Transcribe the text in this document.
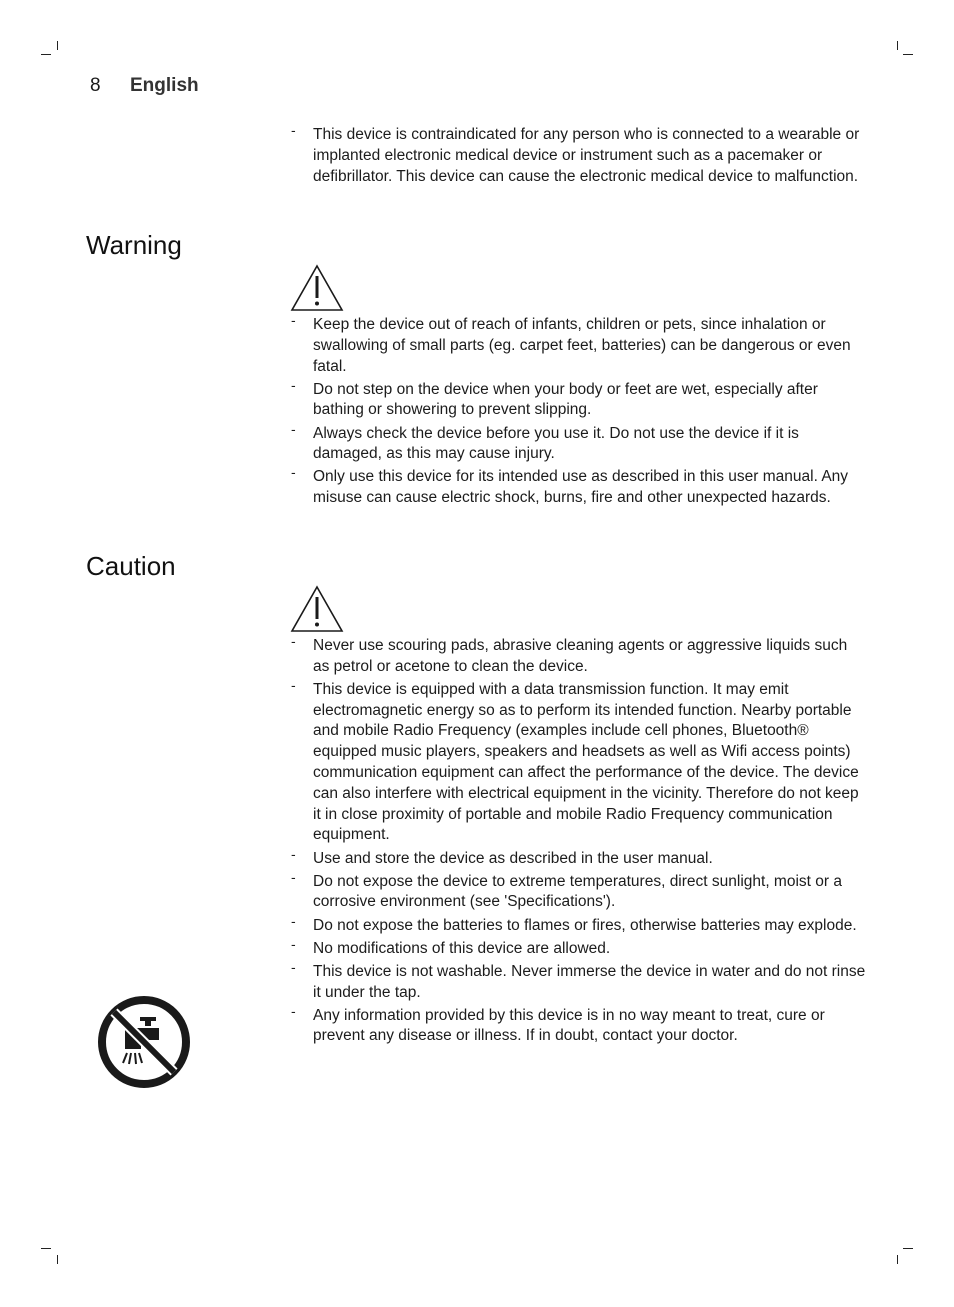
8 English
- This device is contraindicated for any person who is connected to a wearable or implanted electronic medical device or instrument such as a pacemaker or defibrillator. This device can cause the electronic medical device to malfunction.
Warning
- Keep the device out of reach of infants, children or pets, since inhalation or swallowing of small parts (eg. carpet feet, batteries) can be dangerous or even fatal.
- Do not step on the device when your body or feet are wet, especially after bathing or showering to prevent slipping.
- Always check the device before you use it. Do not use the device if it is damaged, as this may cause injury.
- Only use this device for its intended use as described in this user manual. Any misuse can cause electric shock, burns, fire and other unexpected hazards.
Caution
- Never use scouring pads, abrasive cleaning agents or aggressive liquids such as petrol or acetone to clean the device.
- This device is equipped with a data transmission function. It may emit electromagnetic energy so as to perform its intended function. Nearby portable and mobile Radio Frequency (examples include cell phones, Bluetooth® equipped music players, speakers and headsets as well as Wifi access points) communication equipment can affect the performance of the device. The device can also interfere with electrical equipment in the vicinity. Therefore do not keep it in close proximity of portable and mobile Radio Frequency communication equipment.
- Use and store the device as described in the user manual.
- Do not expose the device to extreme temperatures, direct sunlight, moist or a corrosive environment (see 'Specifications').
- Do not expose the batteries to flames or fires, otherwise batteries may explode.
- No modifications of this device are allowed.
- This device is not washable. Never immerse the device in water and do not rinse it under the tap.
- Any information provided by this device is in no way meant to treat, cure or prevent any disease or illness. If in doubt, contact your doctor.
